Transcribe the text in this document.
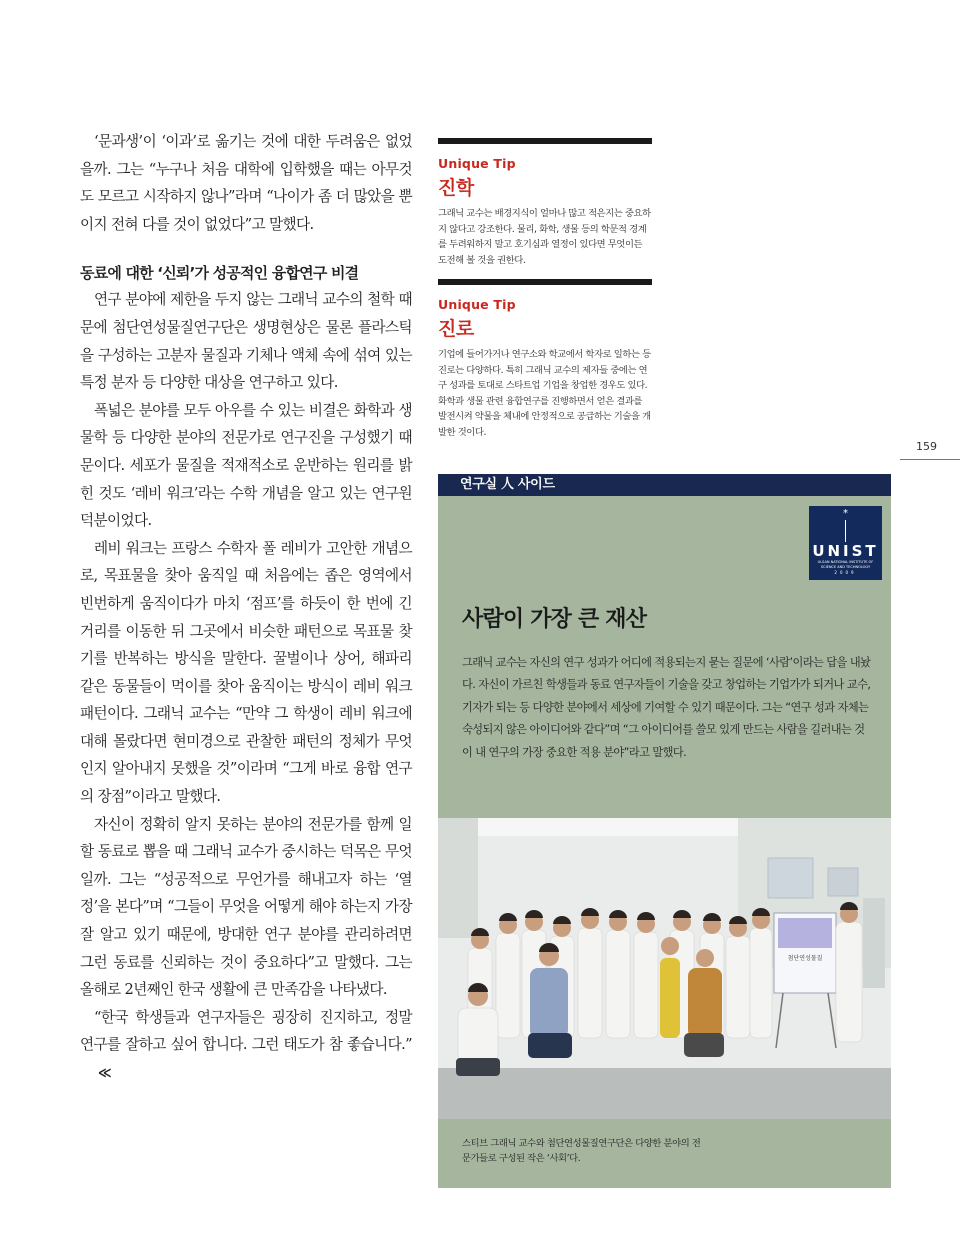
‘문과생’이 ‘이과’로 옮기는 것에 대한 두려움은 없었을까. 그는 “누구나 처음 대학에 입학했을 때는 아무것도 모르고 시작하지 않나”라며 “나이가 좀 더 많았을 뿐이지 전혀 다를 것이 없었다”고 말했다.

동료에 대한 ‘신뢰’가 성공적인 융합연구 비결

연구 분야에 제한을 두지 않는 그래닉 교수의 철학 때문에 첨단연성물질연구단은 생명현상은 물론 플라스틱을 구성하는 고분자 물질과 기체나 액체 속에 섞여 있는 특정 분자 등 다양한 대상을 연구하고 있다.

폭넓은 분야를 모두 아우를 수 있는 비결은 화학과 생물학 등 다양한 분야의 전문가로 연구진을 구성했기 때문이다. 세포가 물질을 적재적소로 운반하는 원리를 밝힌 것도 ‘레비 워크’라는 수학 개념을 알고 있는 연구원 덕분이었다.

레비 워크는 프랑스 수학자 폴 레비가 고안한 개념으로, 목표물을 찾아 움직일 때 처음에는 좁은 영역에서 빈번하게 움직이다가 마치 ‘점프’를 하듯이 한 번에 긴 거리를 이동한 뒤 그곳에서 비슷한 패턴으로 목표물 찾기를 반복하는 방식을 말한다. 꿀벌이나 상어, 해파리 같은 동물들이 먹이를 찾아 움직이는 방식이 레비 워크 패턴이다. 그래닉 교수는 “만약 그 학생이 레비 워크에 대해 몰랐다면 현미경으로 관찰한 패턴의 정체가 무엇인지 알아내지 못했을 것”이라며 “그게 바로 융합 연구의 장점”이라고 말했다.

자신이 정확히 알지 못하는 분야의 전문가를 함께 일할 동료로 뽑을 때 그래닉 교수가 중시하는 덕목은 무엇일까. 그는 “성공적으로 무언가를 해내고자 하는 ‘열정’을 본다”며 “그들이 무엇을 어떻게 해야 하는지 가장 잘 알고 있기 때문에, 방대한 연구 분야를 관리하려면 그런 동료를 신뢰하는 것이 중요하다”고 말했다. 그는 올해로 2년째인 한국 생활에 큰 만족감을 나타냈다.

“한국 학생들과 연구자들은 굉장히 진지하고, 정말 연구를 잘하고 싶어 합니다. 그런 태도가 참 좋습니다.”≪

Unique Tip
진학
그래닉 교수는 배경지식이 얼마나 많고 적은지는 중요하지 않다고 강조한다. 물리, 화학, 생물 등의 학문적 경계를 두려워하지 말고 호기심과 열정이 있다면 무엇이든 도전해 볼 것을 권한다.
Unique Tip
진로
기업에 들어가거나 연구소와 학교에서 학자로 일하는 등 진로는 다양하다. 특히 그래닉 교수의 제자들 중에는 연구 성과를 토대로 스타트업 기업을 창업한 경우도 있다. 화학과 생물 관련 융합연구를 진행하면서 얻은 결과를 발전시켜 약물을 체내에 안정적으로 공급하는 기술을 개발한 것이다.
159
연구실 人 사이드
*
UNIST
ULSAN NATIONAL INSTITUTE OF SCIENCE AND TECHNOLOGY
2009
사람이 가장 큰 재산
그래닉 교수는 자신의 연구 성과가 어디에 적용되는지 묻는 질문에 ‘사람’이라는 답을 내놨다. 자신이 가르친 학생들과 동료 연구자들이 기술을 갖고 창업하는 기업가가 되거나 교수, 기자가 되는 등 다양한 분야에서 세상에 기여할 수 있기 때문이다. 그는 “연구 성과 자체는 숙성되지 않은 아이디어와 같다”며 “그 아이디어를 쓸모 있게 만드는 사람을 길러내는 것이 내 연구의 가장 중요한 적용 분야”라고 말했다.
첨단연성물질
스티브 그래닉 교수와 첨단연성물질연구단은 다양한 분야의 전문가들로 구성된 작은 ‘사회’다.
